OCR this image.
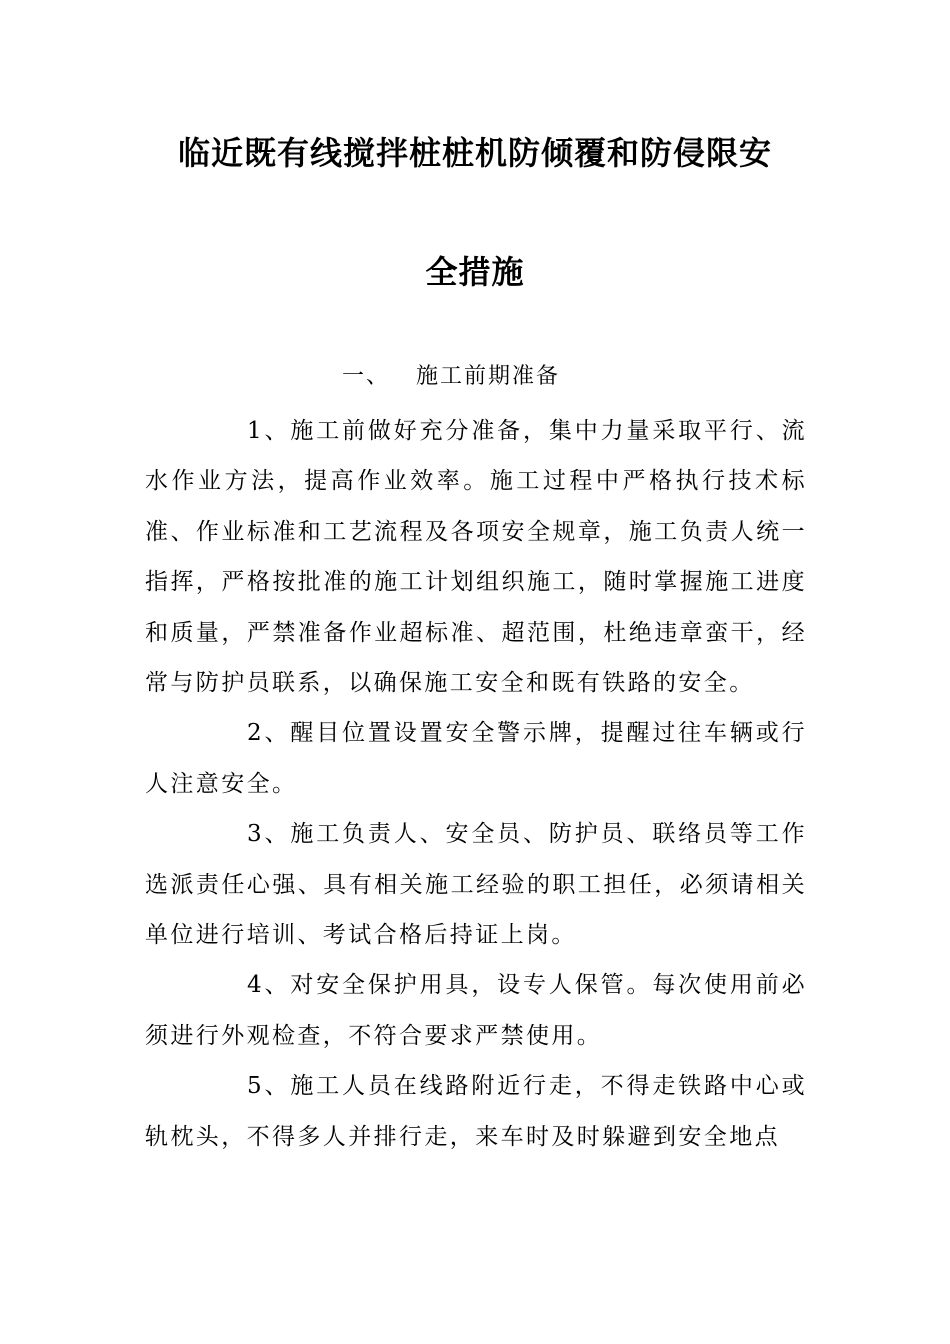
临近既有线搅拌桩桩机防倾覆和防侵限安
全措施
一、 施工前期准备

1、施工前做好充分准备，集中力量采取平行、流水作业方法，提高作业效率。施工过程中严格执行技术标准、作业标准和工艺流程及各项安全规章，施工负责人统一指挥，严格按批准的施工计划组织施工，随时掌握施工进度和质量，严禁准备作业超标准、超范围，杜绝违章蛮干，经常与防护员联系，以确保施工安全和既有铁路的安全。

2、醒目位置设置安全警示牌，提醒过往车辆或行人注意安全。

3、施工负责人、安全员、防护员、联络员等工作选派责任心强、具有相关施工经验的职工担任，必须请相关单位进行培训、考试合格后持证上岗。

4、对安全保护用具，设专人保管。每次使用前必须进行外观检查，不符合要求严禁使用。

5、施工人员在线路附近行走，不得走铁路中心或轨枕头，不得多人并排行走，来车时及时躲避到安全地点
